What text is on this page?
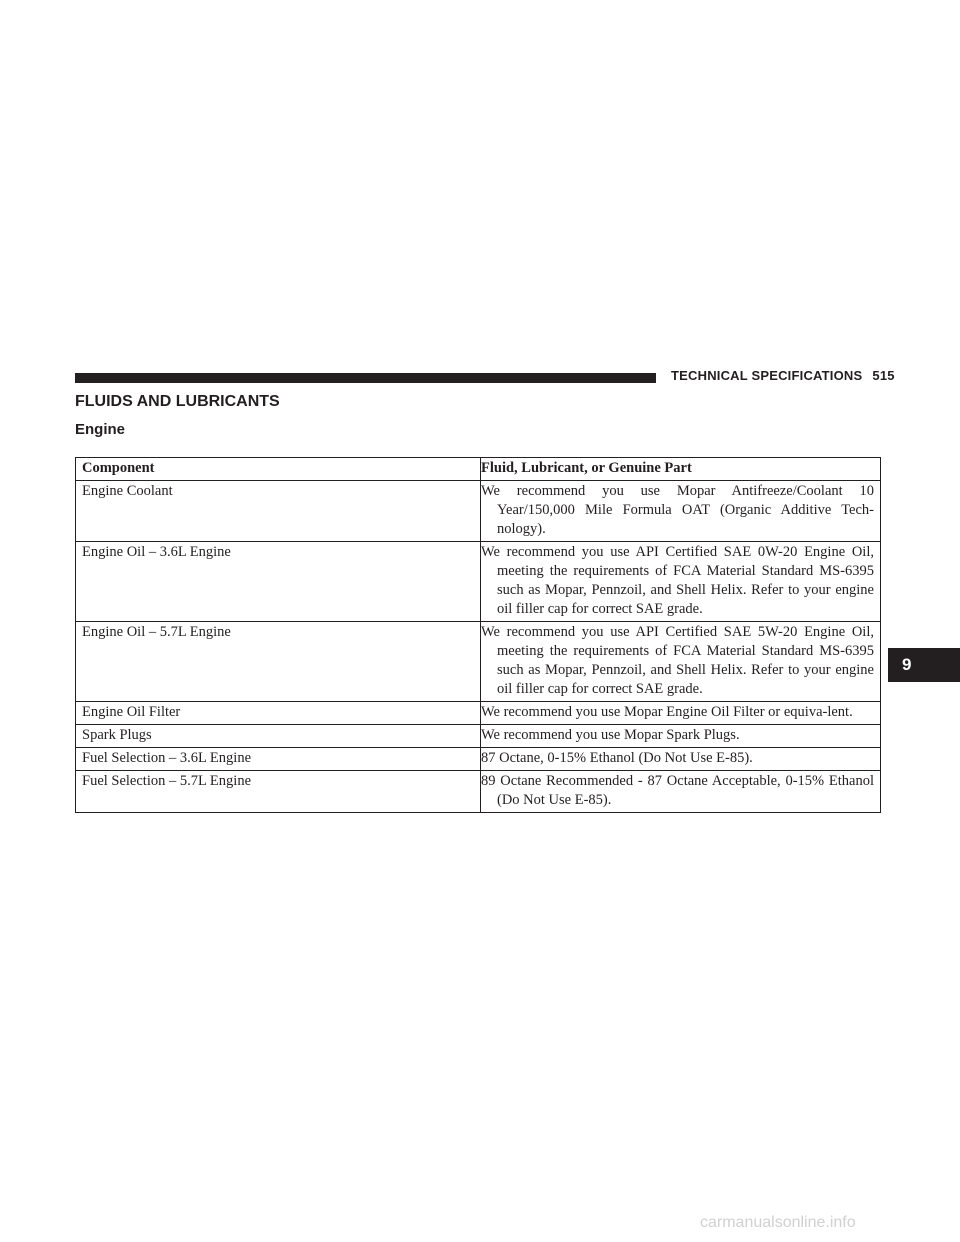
TECHNICAL SPECIFICATIONS 515
FLUIDS AND LUBRICANTS
Engine
Component	Fluid, Lubricant, or Genuine Part
Engine Coolant	We recommend you use Mopar Antifreeze/Coolant 10 Year/150,000 Mile Formula OAT (Organic Additive Tech-nology).

Engine Oil – 3.6L Engine	We recommend you use API Certified SAE 0W-20 Engine Oil, meeting the requirements of FCA Material Standard MS-6395 such as Mopar, Pennzoil, and Shell Helix. Refer to your engine oil filler cap for correct SAE grade.

Engine Oil – 5.7L Engine	We recommend you use API Certified SAE 5W-20 Engine Oil, meeting the requirements of FCA Material Standard MS-6395 such as Mopar, Pennzoil, and Shell Helix. Refer to your engine oil filler cap for correct SAE grade.

Engine Oil Filter	We recommend you use Mopar Engine Oil Filter or equiva-lent.

Spark Plugs	We recommend you use Mopar Spark Plugs.

Fuel Selection – 3.6L Engine	87 Octane, 0-15% Ethanol (Do Not Use E-85).

Fuel Selection – 5.7L Engine	89 Octane Recommended - 87 Octane Acceptable, 0-15% Ethanol (Do Not Use E-85).
9
carmanualsonline.info
